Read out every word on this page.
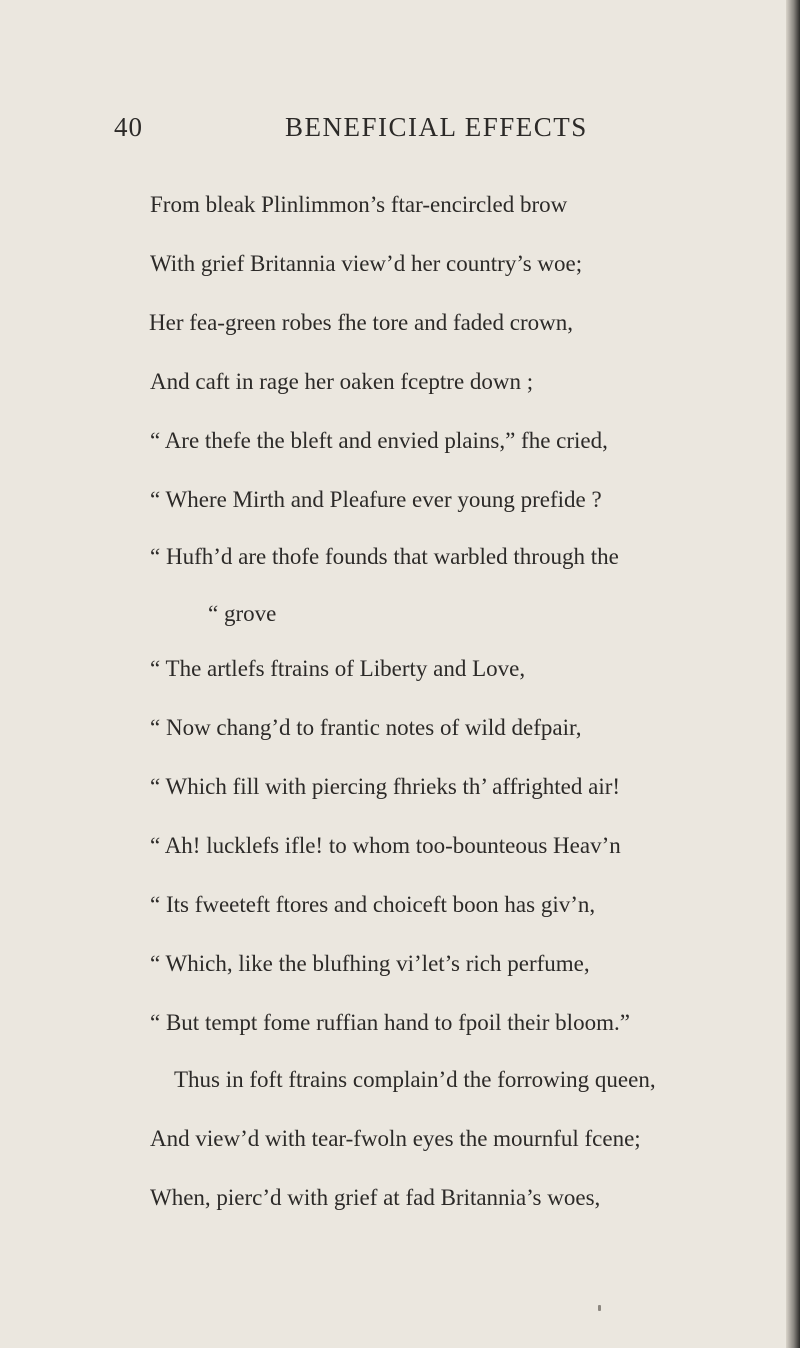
40	BENEFICIAL EFFECTS
From bleak Plinlimmon’s ftar-encircled brow
With grief Britannia view’d her country’s woe;
Her fea-green robes fhe tore and faded crown,
And caft in rage her oaken fceptre down ;
“ Are thefe the bleft and envied plains,” fhe cried,
“ Where Mirth and Pleafure ever young prefide ?
“ Hufh’d are thofe founds that warbled through the
“ grove
“ The artlefs ftrains of Liberty and Love,
“ Now chang’d to frantic notes of wild defpair,
“ Which fill with piercing fhrieks th’ affrighted air!
“ Ah! lucklefs ifle! to whom too-bounteous Heav’n
“ Its fweeteft ftores and choiceft boon has giv’n,
“ Which, like the blufhing vi’let’s rich perfume,
“ But tempt fome ruffian hand to fpoil their bloom.”
Thus in foft ftrains complain’d the forrowing queen,
And view’d with tear-fwoln eyes the mournful fcene;
When, pierc’d with grief at fad Britannia’s woes,
